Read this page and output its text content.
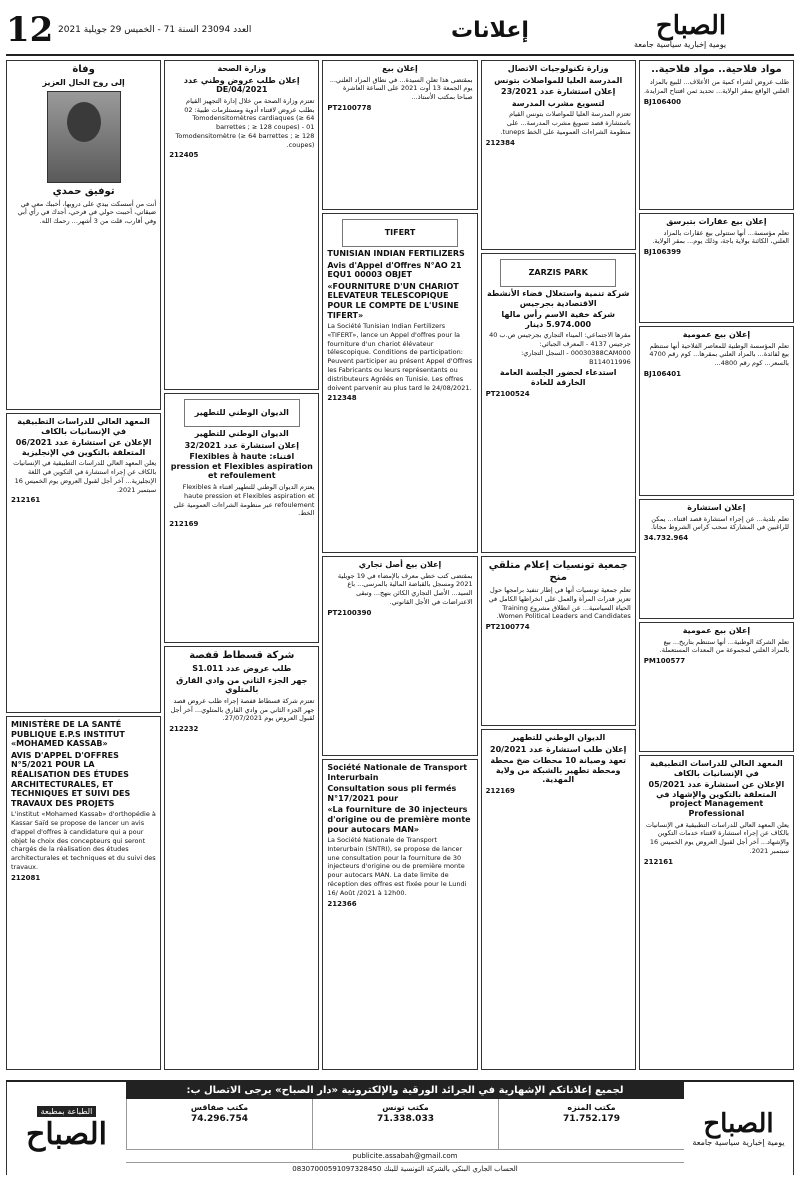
12 العدد 23094 السنة 71 - الخميس 29 جويلية 2021	إعلانات	الصباح
يومية إخبارية سياسية جامعة
مواد فلاحية.. مواد فلاحية..

طلب عروض لشراء كمية من الأعلاف... للبيع بالمزاد العلني الواقع بمقر الولاية... تحديد ثمن افتتاح المزايدة.

BJ106400
إعلان بيع عقارات بتبرسق

تعلم مؤسسة... أنها ستتولى بيع عقارات بالمزاد العلني، الكائنة بولاية باجة، وذلك يوم... بمقر الولاية.

BJ106399
إعلان بيع عمومية

تعلم المؤسسة الوطنية للمعاصر الفلاحية أنها ستنظم بيع لفائدة... بالمزاد العلني بمقرها... كوم رقم 4700 بالسعر... كوم رقم 4800...

BJ106401
إعلان استشارة

تعلم بلدية... عن إجراء استشارة قصد اقتناء... يمكن للراغبين في المشاركة سحب كراس الشروط مجانا.

34.732.964
إعلان بيع عمومية

تعلم الشركة الوطنية... أنها ستنظم بتاريخ... بيع بالمزاد العلني لمجموعة من المعدات المستعملة.

PM100577
المعهد العالي للدراسات التطبيقية في الإنسانيات بالكاف
الإعلان عن استشارة عدد 05/2021 المتعلقة بالتكوين والإشهاد في project Management Professional

يعلن المعهد العالي للدراسات التطبيقية في الإنسانيات بالكاف عن إجراء استشارة لاقتناء خدمات التكوين والإشهاد... آخر أجل لقبول العروض يوم الخميس 16 سبتمبر 2021.

212161
وزارة تكنولوجيات الاتصال
المدرسة العليا للمواصلات بتونس
إعلان استشارة عدد 23/2021
لتسويغ مشرب المدرسة

تعتزم المدرسة العليا للمواصلات بتونس القيام باستشارة قصد تسويغ مشرب المدرسة... على منظومة الشراءات العمومية على الخط tuneps.

212384
ZARZIS PARK
شركة تنمية واستغلال فضاء الأنشطة الاقتصادية بجرجيس
شركة خفية الاسم رأس مالها 5.974.000 دينار

مقرها الاجتماعي: الميناء التجاري بجرجيس ص.ب 40 جرجيس 4137 - المعرف الجبائي: 00030388CAM000 - السجل التجاري: B114011996

استدعاء لحضور الجلسة العامة الخارقة للعادة
PT2100524
جمعية تونسيات إعلام متلقي منح

تعلم جمعية تونسيات أنها في إطار تنفيذ برامجها حول تعزيز قدرات المرأة والعمل على انخراطها الكامل في الحياة السياسية... عن انطلاق مشروع Training Women Political Leaders and Candidates.

PT2100774
الديوان الوطني للتطهير
إعلان طلب استشارة عدد 20/2021
تعهد وصيانة 10 محطات ضخ محطة ومحطة تطهير بالشبكة من ولاية المهدية.
212169
إعلان بيع

بمقتضى هذا تعلن السيدة... في نطاق المزاد العلني... يوم الجمعة 13 أوت 2021 على الساعة العاشرة صباحا بمكتب الأستاذ...

PT2100778
TIFERT
TUNISIAN INDIAN FERTILIZERS
Avis d'Appel d'Offres N°AO 21 EQU1 00003 OBJET
«FOURNITURE D'UN CHARIOT ELEVATEUR TELESCOPIQUE POUR LE COMPTE DE L'USINE TIFERT»

La Société Tunisian Indian Fertilizers «TIFERT», lance un Appel d'offres pour la fourniture d'un chariot élévateur télescopique. Conditions de participation: Peuvent participer au présent Appel d'Offres les Fabricants ou leurs représentants ou distributeurs Agréés en Tunisie. Les offres doivent parvenir au plus tard le 24/08/2021.

212348
إعلان بيع أصل تجاري

بمقتضى كتب خطي معرف بالإمضاء في 19 جويلية 2021 ومسجل بالقباضة المالية بالمرسى... باع السيد... الأصل التجاري الكائن بنهج... وتبقى الاعتراضات في الأجل القانوني.

PT2100390
Société Nationale de Transport Interurbain
Consultation sous pli fermés N°17/2021 pour
«La fourniture de 30 injecteurs d'origine ou de première monte pour autocars MAN»

La Société Nationale de Transport Interurbain (SNTRI), se propose de lancer une consultation pour la fourniture de 30 injecteurs d'origine ou de première monte pour autocars MAN. La date limite de réception des offres est fixée pour le Lundi 16/ Août /2021 à 12h00.

212366
وزارة الصحة
إعلان طلب عروض وطني عدد DE/04/2021

تعتزم وزارة الصحة من خلال إدارة التجهيز القيام بطلب عروض لاقتناء أدوية ومستلزمات طبية: 02 Tomodensitomètres cardiaques (≥ 64 barrettes ; ≥ 128 coupes) - 01 Tomodensitomètre (≥ 64 barrettes ; ≥ 128 coupes).

212405
الديوان الوطني للتطهير
الديوان الوطني للتطهير
إعلان استشارة عدد 32/2021
اقتناء: Flexibles à haute pression et Flexibles aspiration et refoulement

يعتزم الديوان الوطني للتطهير اقتناء Flexibles à haute pression et Flexibles aspiration et refoulement عبر منظومة الشراءات العمومية على الخط.

212169
شركة قسطاط قفصة
طلب عروض عدد S1.011
جهر الجزء الثاني من وادي القارق بالمتلوي

تعتزم شركة قسطاط قفصة إجراء طلب عروض قصد جهر الجزء الثاني من وادي القارق بالمتلوي... آخر أجل لقبول العروض يوم 27/07/2021.

212232
وفاة
إلى روح الخال العزيز
توفيق حمدي

أنت من أسسكت بيدي على دروبها، أحببك معي في ضيقاتي، أحببت حولي في فرحي، أجدك في رأي أبي وفي أقارب، قلت من 3 أشهر... رحمك الله.

المعهد العالي للدراسات التطبيقية في الإنسانيات بالكاف
الإعلان عن استشارة عدد 06/2021 المتعلقة بالتكوين في الإنجليزية

يعلن المعهد العالي للدراسات التطبيقية في الإنسانيات بالكاف عن إجراء استشارة في التكوين في اللغة الإنجليزية... آخر أجل لقبول العروض يوم الخميس 16 سبتمبر 2021.

212161
MINISTÈRE DE LA SANTÉ PUBLIQUE E.P.S INSTITUT «MOHAMED KASSAB»
AVIS D'APPEL D'OFFRES N°5/2021 POUR LA RÉALISATION DES ÉTUDES ARCHITECTURALES, ET TECHNIQUES ET SUIVI DES TRAVAUX DES PROJETS

L'institut «Mohamed Kassab» d'orthopédie à Kassar Saïd se propose de lancer un avis d'appel d'offres à candidature qui a pour objet le choix des concepteurs qui seront chargés de la réalisation des études architecturales et techniques et du suivi des travaux.

212081
الصباح
يومية إخبارية سياسية جامعة
لجميع إعلاناتكم الإشهارية في الجرائد الورقية والإلكترونية «دار الصباح» يرجى الاتصال ب:
مكتب المنزه
71.752.179
مكتب تونس
71.338.033
مكتب صفاقس
74.296.754
publicite.assabah@gmail.com
الحساب الجاري البنكي بالشركة التونسية للبنك 08307000591097328450
الطباعة بمطبعة
الصباح
